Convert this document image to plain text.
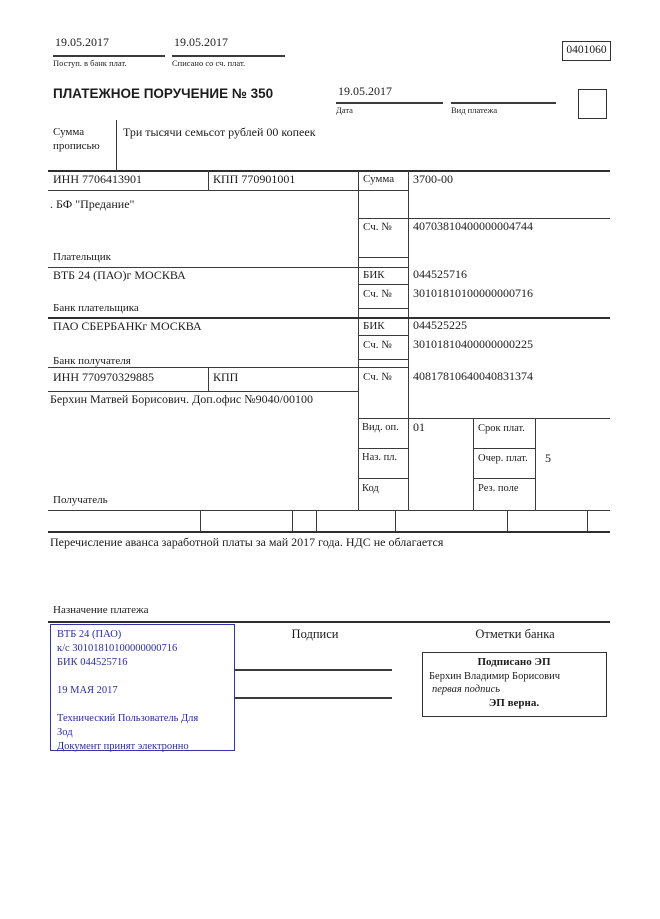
19.05.2017
Поступ. в банк плат.
19.05.2017
Списано со сч. плат.
0401060
ПЛАТЕЖНОЕ ПОРУЧЕНИЕ № 350	19.05.2017
Дата	Вид платежа
Сумма прописью
Три тысячи семьсот рублей 00 копеек
ИНН 7706413901	КПП 770901001	Сумма 3700-00
. БФ "Предание"
Сч. № 40703810400000004744
Плательщик
ВТБ 24 (ПАО)г МОСКВА	БИК 044525716
Сч. № 30101810100000000716
Банк плательщика
ПАО СБЕРБАНКг МОСКВА	БИК 044525225
Сч. № 30101810400000000225
Банк получателя
ИНН 770970329885	КПП	Сч. № 40817810640040831374
Берхин Матвей Борисович. Доп.офис №9040/00100
Вид. оп. 01	Срок плат.
Наз. пл.	Очер. плат. 5
Код	Рез. поле
Получатель
Перечисление аванса заработной платы за май 2017 года. НДС не облагается
Назначение платежа
Подписи	Отметки банка
ВТБ 24 (ПАО)
к/с 30101810100000000716
БИК 044525716
19 МАЯ 2017
Технический Пользователь Для
Зод
Документ принят электронно
Подписано ЭП
Берхин Владимир Борисович
первая подпись
ЭП верна.
